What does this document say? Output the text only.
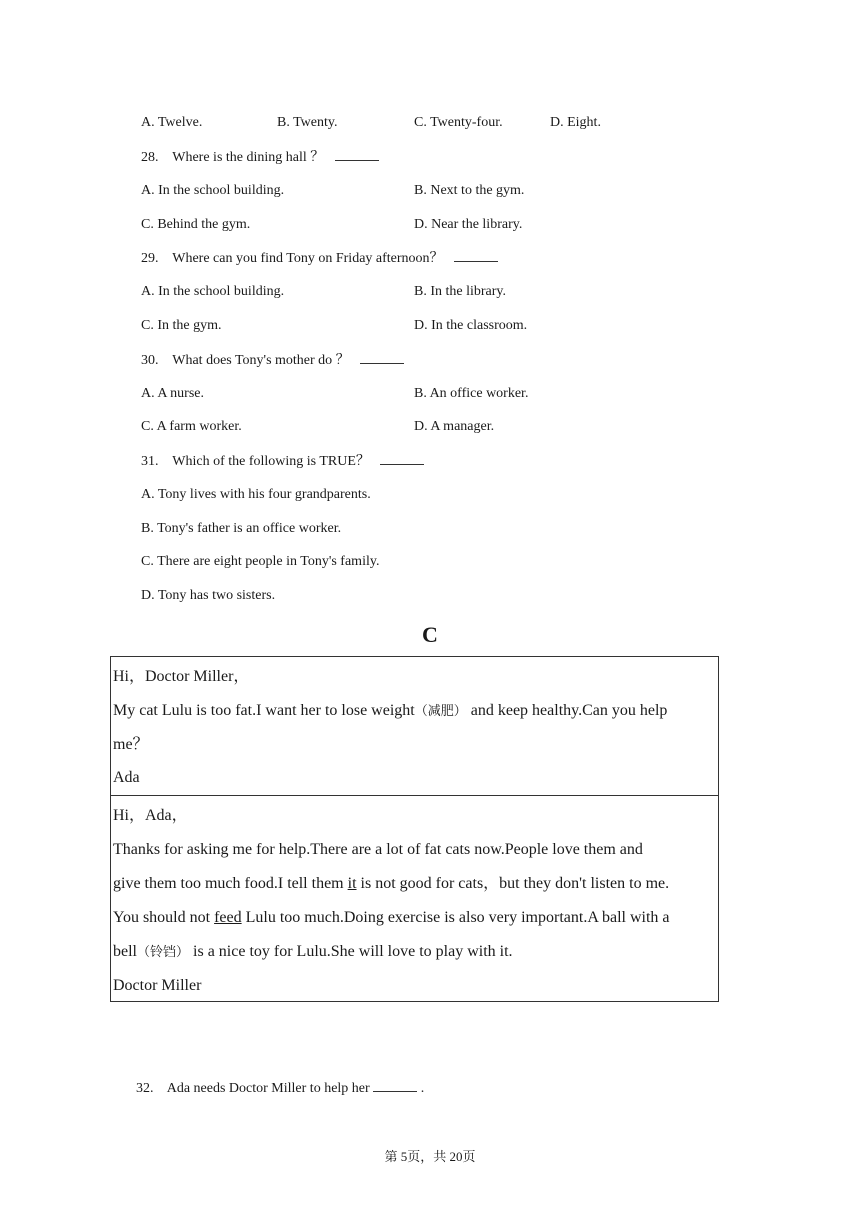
A. Twelve.	B. Twenty.	C. Twenty-four.	D. Eight.
28. Where is the dining hall ？
A. In the school building.	B. Next to the gym.
C. Behind the gym.	D. Near the library.
29. Where can you find Tony on Friday afternoon？
A. In the school building.	B. In the library.
C. In the gym.	D. In the classroom.
30. What does Tony's mother do ？
A. A nurse.	B. An office worker.
C. A farm worker.	D. A manager.
31. Which of the following is TRUE？
A. Tony lives with his four grandparents.
B. Tony's father is an office worker.
C. There are eight people in Tony's family.
D. Tony has two sisters.
C
Hi，Doctor Miller，
My cat Lulu is too fat.I want her to lose weight（减肥） and keep healthy.Can you help
me？
Ada
Hi，Ada，
Thanks for asking me for help.There are a lot of fat cats now.People love them and
give them too much food.I tell them it is not good for cats，but they don't listen to me.
You should not feed Lulu too much.Doing exercise is also very important.A ball with a
bell（铃铛） is a nice toy for Lulu.She will love to play with it.
Doctor Miller
32. Ada needs Doctor Miller to help her	.
第 5页，共 20页
